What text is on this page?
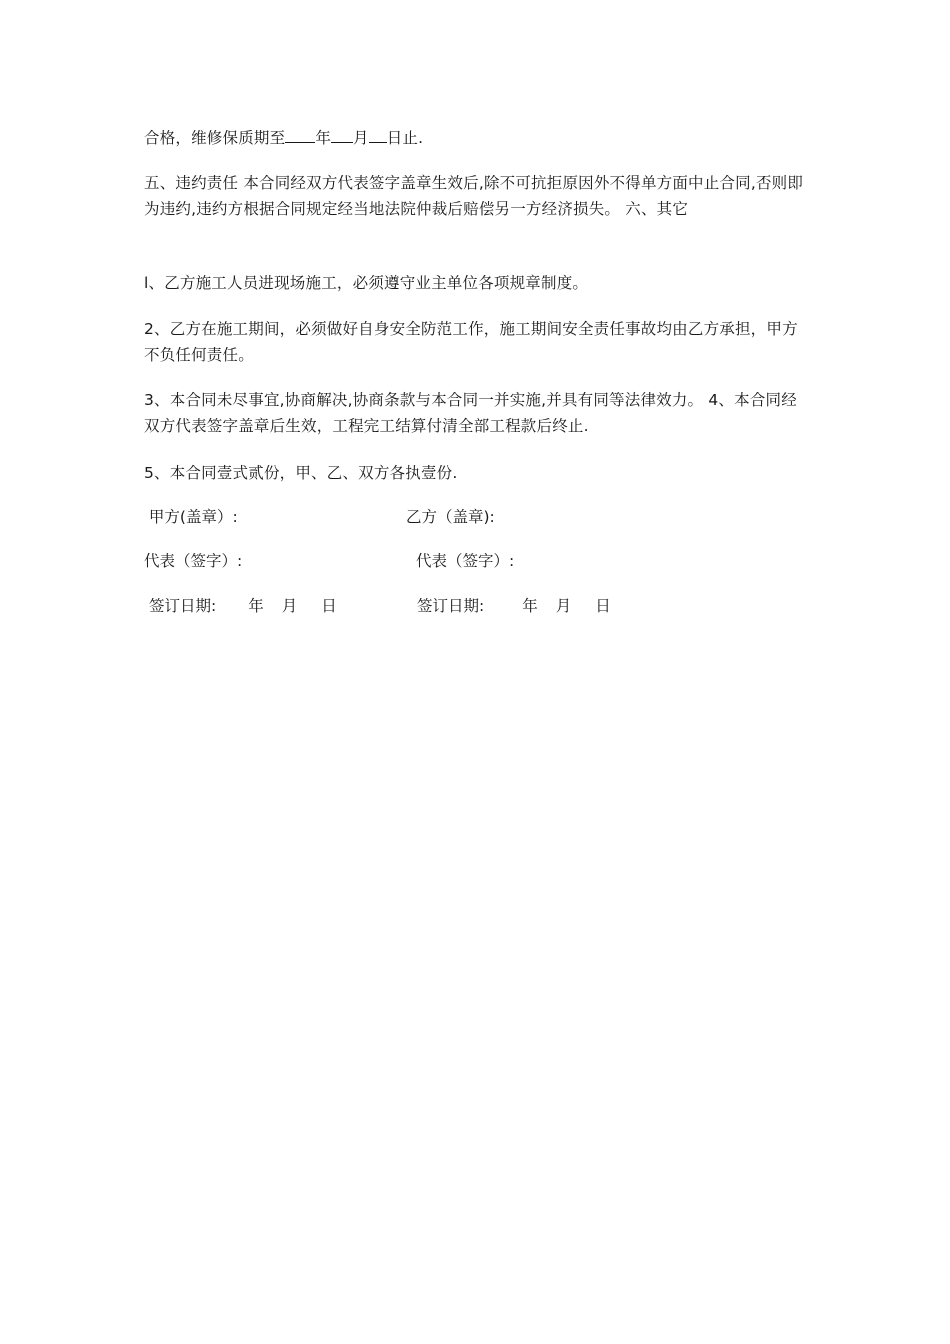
合格，维修保质期至 年 月 日止.

五、违约责任 本合同经双方代表签字盖章生效后,除不可抗拒原因外不得单方面中止合同,否则即为违约,违约方根据合同规定经当地法院仲裁后赔偿另一方经济损失。 六、其它

l、乙方施工人员进现场施工，必须遵守业主单位各项规章制度。

2、乙方在施工期间，必须做好自身安全防范工作，施工期间安全责任事故均由乙方承担，甲方不负任何责任。

3、本合同未尽事宜,协商解决,协商条款与本合同一并实施,并具有同等法律效力。 4、本合同经双方代表签字盖章后生效，工程完工结算付清全部工程款后终止.

5、本合同壹式贰份，甲、乙、双方各执壹份.

甲方(盖章）:	乙方（盖章):

代表（签字）:	代表（签字）:

签订日期: 年 月 日	签订日期: 年 月 日
